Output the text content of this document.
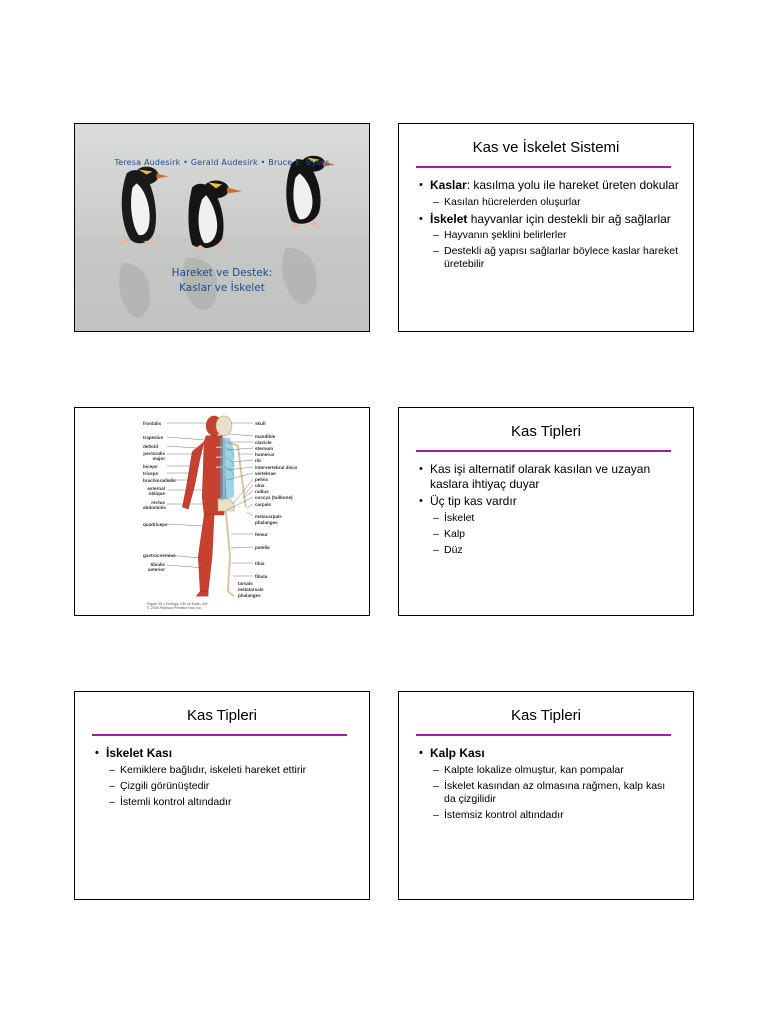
Teresa Audesirk • Gerald Audesirk • Bruce E. Byers
Hareket ve Destek:
Kaslar ve İskelet
Kas ve İskelet Sistemi
• Kaslar: kasılma yolu ile hareket üreten dokular
– Kasılan hücrelerden oluşurlar
• İskelet hayvanlar için destekli bir ağ sağlarlar
– Hayvanın şeklini belirlerler
– Destekli ağ yapısı sağlarlar böylece kaslar hareket üretebilir
frontalis
trapezius
deltoid
pectoralis major
biceps
triceps
brachioradialis
external oblique
rectus abdominis
quadriceps
gastrocnemius
tibialis anterior
skull
mandible
clavicle
sternum
humerus
rib
intervertebral discs
vertebrae
pelvis
ulna
radius
coccyx (tailbone)
carpals
metacarpals
phalanges
femur
patella
tibia
fibula
tarsals
metatarsals
phalanges
Figure 39-1 Biology: Life on Earth, 8/e
© 2008 Pearson Prentice Hall, Inc.
Kas Tipleri
• Kas işi alternatif olarak kasılan ve uzayan kaslara ihtiyaç duyar
• Üç tip kas vardır
– İskelet
– Kalp
– Düz
Kas Tipleri
• İskelet Kası
– Kemiklere bağlıdır, iskeleti hareket ettirir
– Çizgili görünüştedir
– İstemli kontrol altındadır
Kas Tipleri
• Kalp Kası
– Kalpte lokalize olmuştur, kan pompalar
– İskelet kasından az olmasına rağmen, kalp kası da çizgilidir
– İstemsiz kontrol altındadır
